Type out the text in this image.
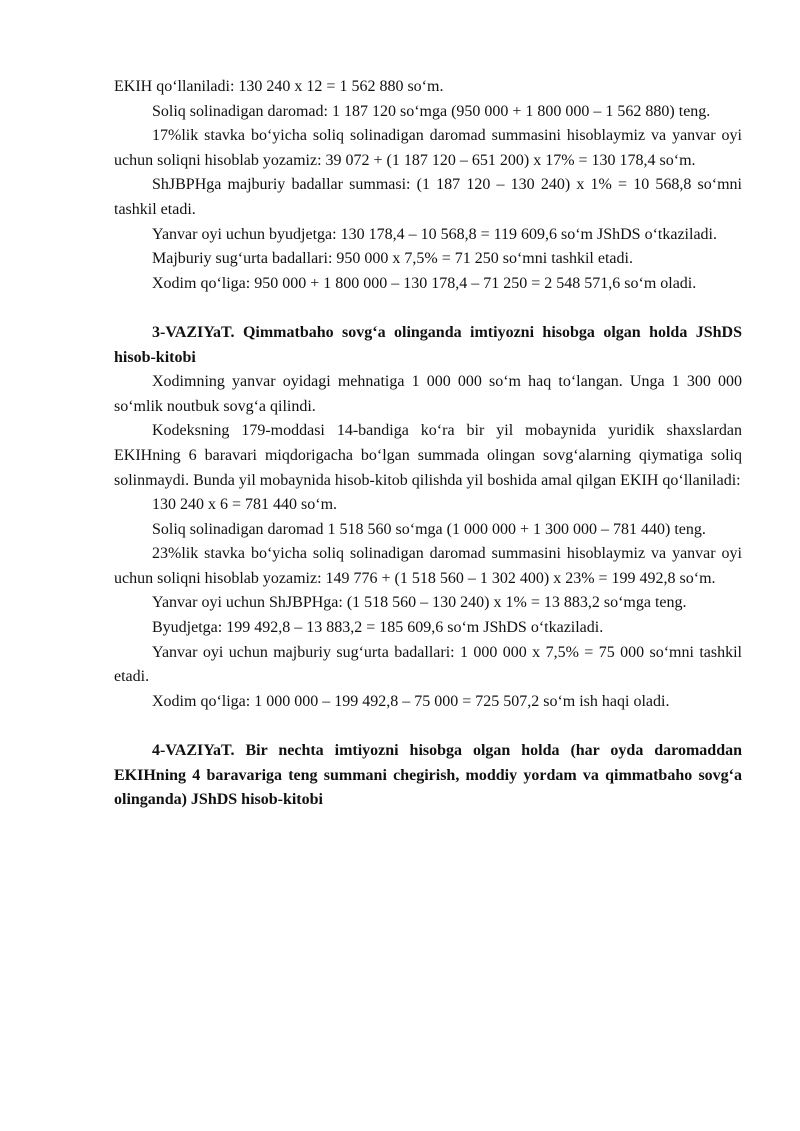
EKIH qo‘llaniladi: 130 240 x 12 = 1 562 880 so‘m.

Soliq solinadigan daromad: 1 187 120 so‘mga (950 000 + 1 800 000 – 1 562 880) teng.

17%lik stavka bo‘yicha soliq solinadigan daromad summasini hisoblaymiz va yanvar oyi uchun soliqni hisoblab yozamiz: 39 072 + (1 187 120 – 651 200) x 17% = 130 178,4 so‘m.

ShJBPHga majburiy badallar summasi: (1 187 120 – 130 240) x 1% = 10 568,8 so‘mni tashkil etadi.

Yanvar oyi uchun byudjetga: 130 178,4 – 10 568,8 = 119 609,6 so‘m JShDS o‘tkaziladi.

Majburiy sug‘urta badallari: 950 000 x 7,5% = 71 250 so‘mni tashkil etadi.

Xodim qo‘liga: 950 000 + 1 800 000 – 130 178,4 – 71 250 = 2 548 571,6 so‘m oladi.

3-VAZIYaT. Qimmatbaho sovg‘a olinganda imtiyozni hisobga olgan holda JShDS hisob-kitobi

Xodimning yanvar oyidagi mehnatiga 1 000 000 so‘m haq to‘langan. Unga 1 300 000 so‘mlik noutbuk sovg‘a qilindi.

Kodeksning 179-moddasi 14-bandiga ko‘ra bir yil mobaynida yuridik shaxslardan EKIHning 6 baravari miqdorigacha bo‘lgan summada olingan sovg‘alarning qiymatiga soliq solinmaydi. Bunda yil mobaynida hisob-kitob qilishda yil boshida amal qilgan EKIH qo‘llaniladi:

130 240 x 6 = 781 440 so‘m.

Soliq solinadigan daromad 1 518 560 so‘mga (1 000 000 + 1 300 000 – 781 440) teng.

23%lik stavka bo‘yicha soliq solinadigan daromad summasini hisoblaymiz va yanvar oyi uchun soliqni hisoblab yozamiz: 149 776 + (1 518 560 – 1 302 400) x 23% = 199 492,8 so‘m.

Yanvar oyi uchun ShJBPHga: (1 518 560 – 130 240) x 1% = 13 883,2 so‘mga teng.

Byudjetga: 199 492,8 – 13 883,2 = 185 609,6 so‘m JShDS o‘tkaziladi.

Yanvar oyi uchun majburiy sug‘urta badallari: 1 000 000 x 7,5% = 75 000 so‘mni tashkil etadi.

Xodim qo‘liga: 1 000 000 – 199 492,8 – 75 000 = 725 507,2 so‘m ish haqi oladi.

4-VAZIYaT. Bir nechta imtiyozni hisobga olgan holda (har oyda daromaddan EKIHning 4 baravariga teng summani chegirish, moddiy yordam va qimmatbaho sovg‘a olinganda) JShDS hisob-kitobi
